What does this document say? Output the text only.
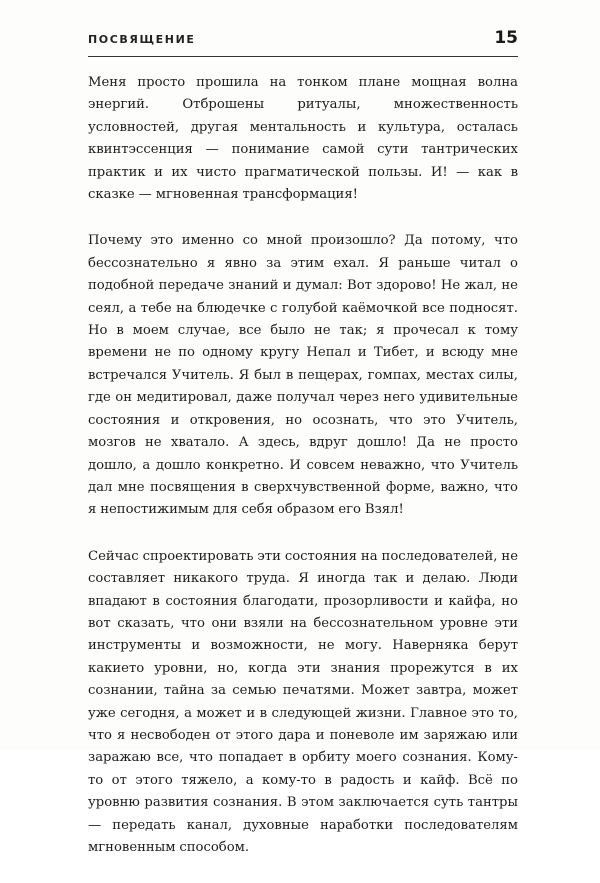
ПОСВЯЩЕНИЕ	15

Меня просто прошила на тонком плане мощная волна энергий. Отброшены ритуалы, множественность условностей, другая ментальность и культура, осталась квинтэссенция — понимание самой сути тантрических практик и их чисто прагматической пользы. И! — как в сказке — мгновенная трансформация!

Почему это именно со мной произошло? Да потому, что бессознательно я явно за этим ехал. Я раньше читал о подобной передаче знаний и думал: Вот здорово! Не жал, не сеял, а тебе на блюдечке с голубой каёмочкой все подносят. Но в моем случае, все было не так; я прочесал к тому времени не по одному кругу Непал и Тибет, и всюду мне встречался Учитель. Я был в пещерах, гомпах, местах силы, где он медитировал, даже получал через него удивительные состояния и откровения, но осознать, что это Учитель, мозгов не хватало. А здесь, вдруг дошло! Да не просто дошло, а дошло конкретно. И совсем неважно, что Учитель дал мне посвящения в сверхчувственной форме, важно, что я непостижимым для себя образом его Взял!

Сейчас спроектировать эти состояния на последователей, не составляет никакого труда. Я иногда так и делаю. Люди впадают в состояния благодати, прозорливости и кайфа, но вот сказать, что они взяли на бессознательном уровне эти инструменты и возможности, не могу. Наверняка берут какието уровни, но, когда эти знания прорежутся в их сознании, тайна за семью печатями. Может завтра, может уже сегодня, а может и в следующей жизни. Главное это то, что я несвободен от этого дара и поневоле им заряжаю или заражаю все, что попадает в орбиту моего сознания. Кому-то от этого тяжело, а кому-то в радость и кайф. Всё по уровню развития сознания. В этом заключается суть тантры — передать канал, духовные наработки последователям мгновенным способом.
